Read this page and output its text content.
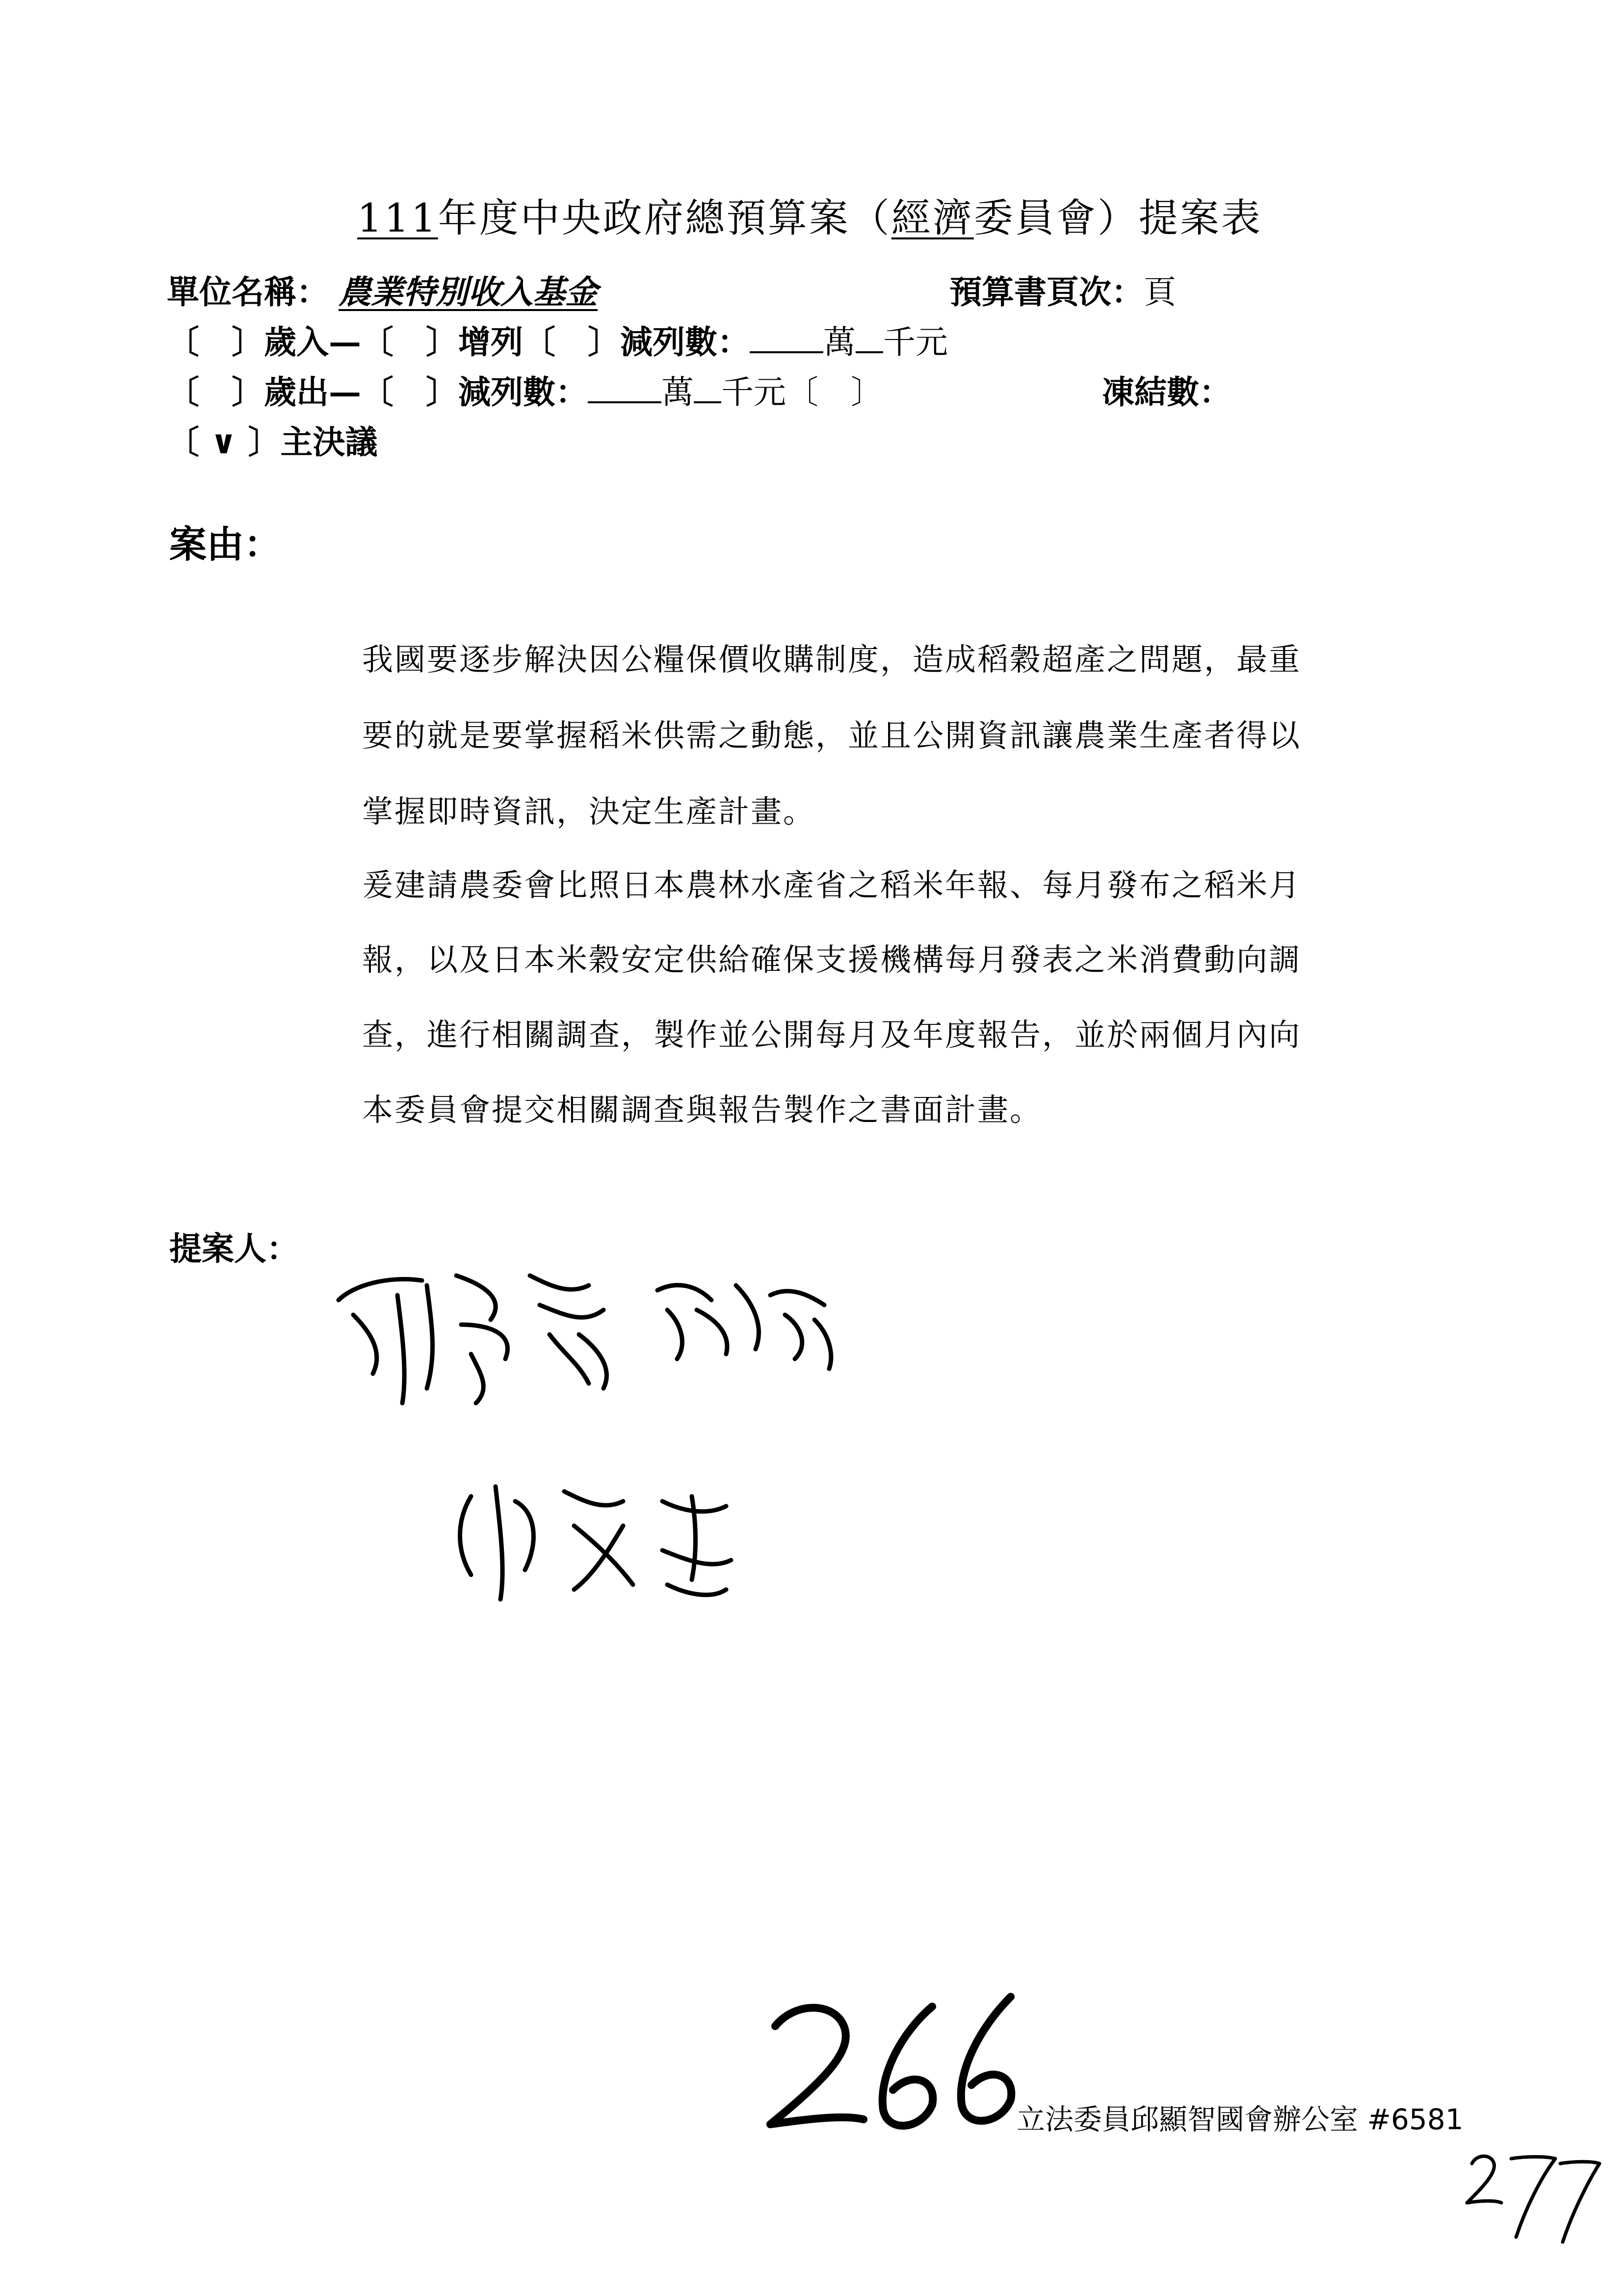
111年度中央政府總預算案（經濟委員會）提案表
單位名稱： 農業特別收入基金	預算書頁次：頁
〔　〕歲入—〔　〕增列〔　〕減列數： 萬 千元
〔　〕歲出—〔　〕減列數： 萬 千元〔　〕	凍結數：
〔 ∨ 〕主決議
案由：
我國要逐步解決因公糧保價收購制度，造成稻穀超產之問題，最重
要的就是要掌握稻米供需之動態，並且公開資訊讓農業生產者得以
掌握即時資訊，決定生產計畫。
爰建請農委會比照日本農林水產省之稻米年報、每月發布之稻米月
報，以及日本米穀安定供給確保支援機構每月發表之米消費動向調
查，進行相關調查，製作並公開每月及年度報告，並於兩個月內向
本委員會提交相關調查與報告製作之書面計畫。
提案人：
立法委員邱顯智國會辦公室 #6581
